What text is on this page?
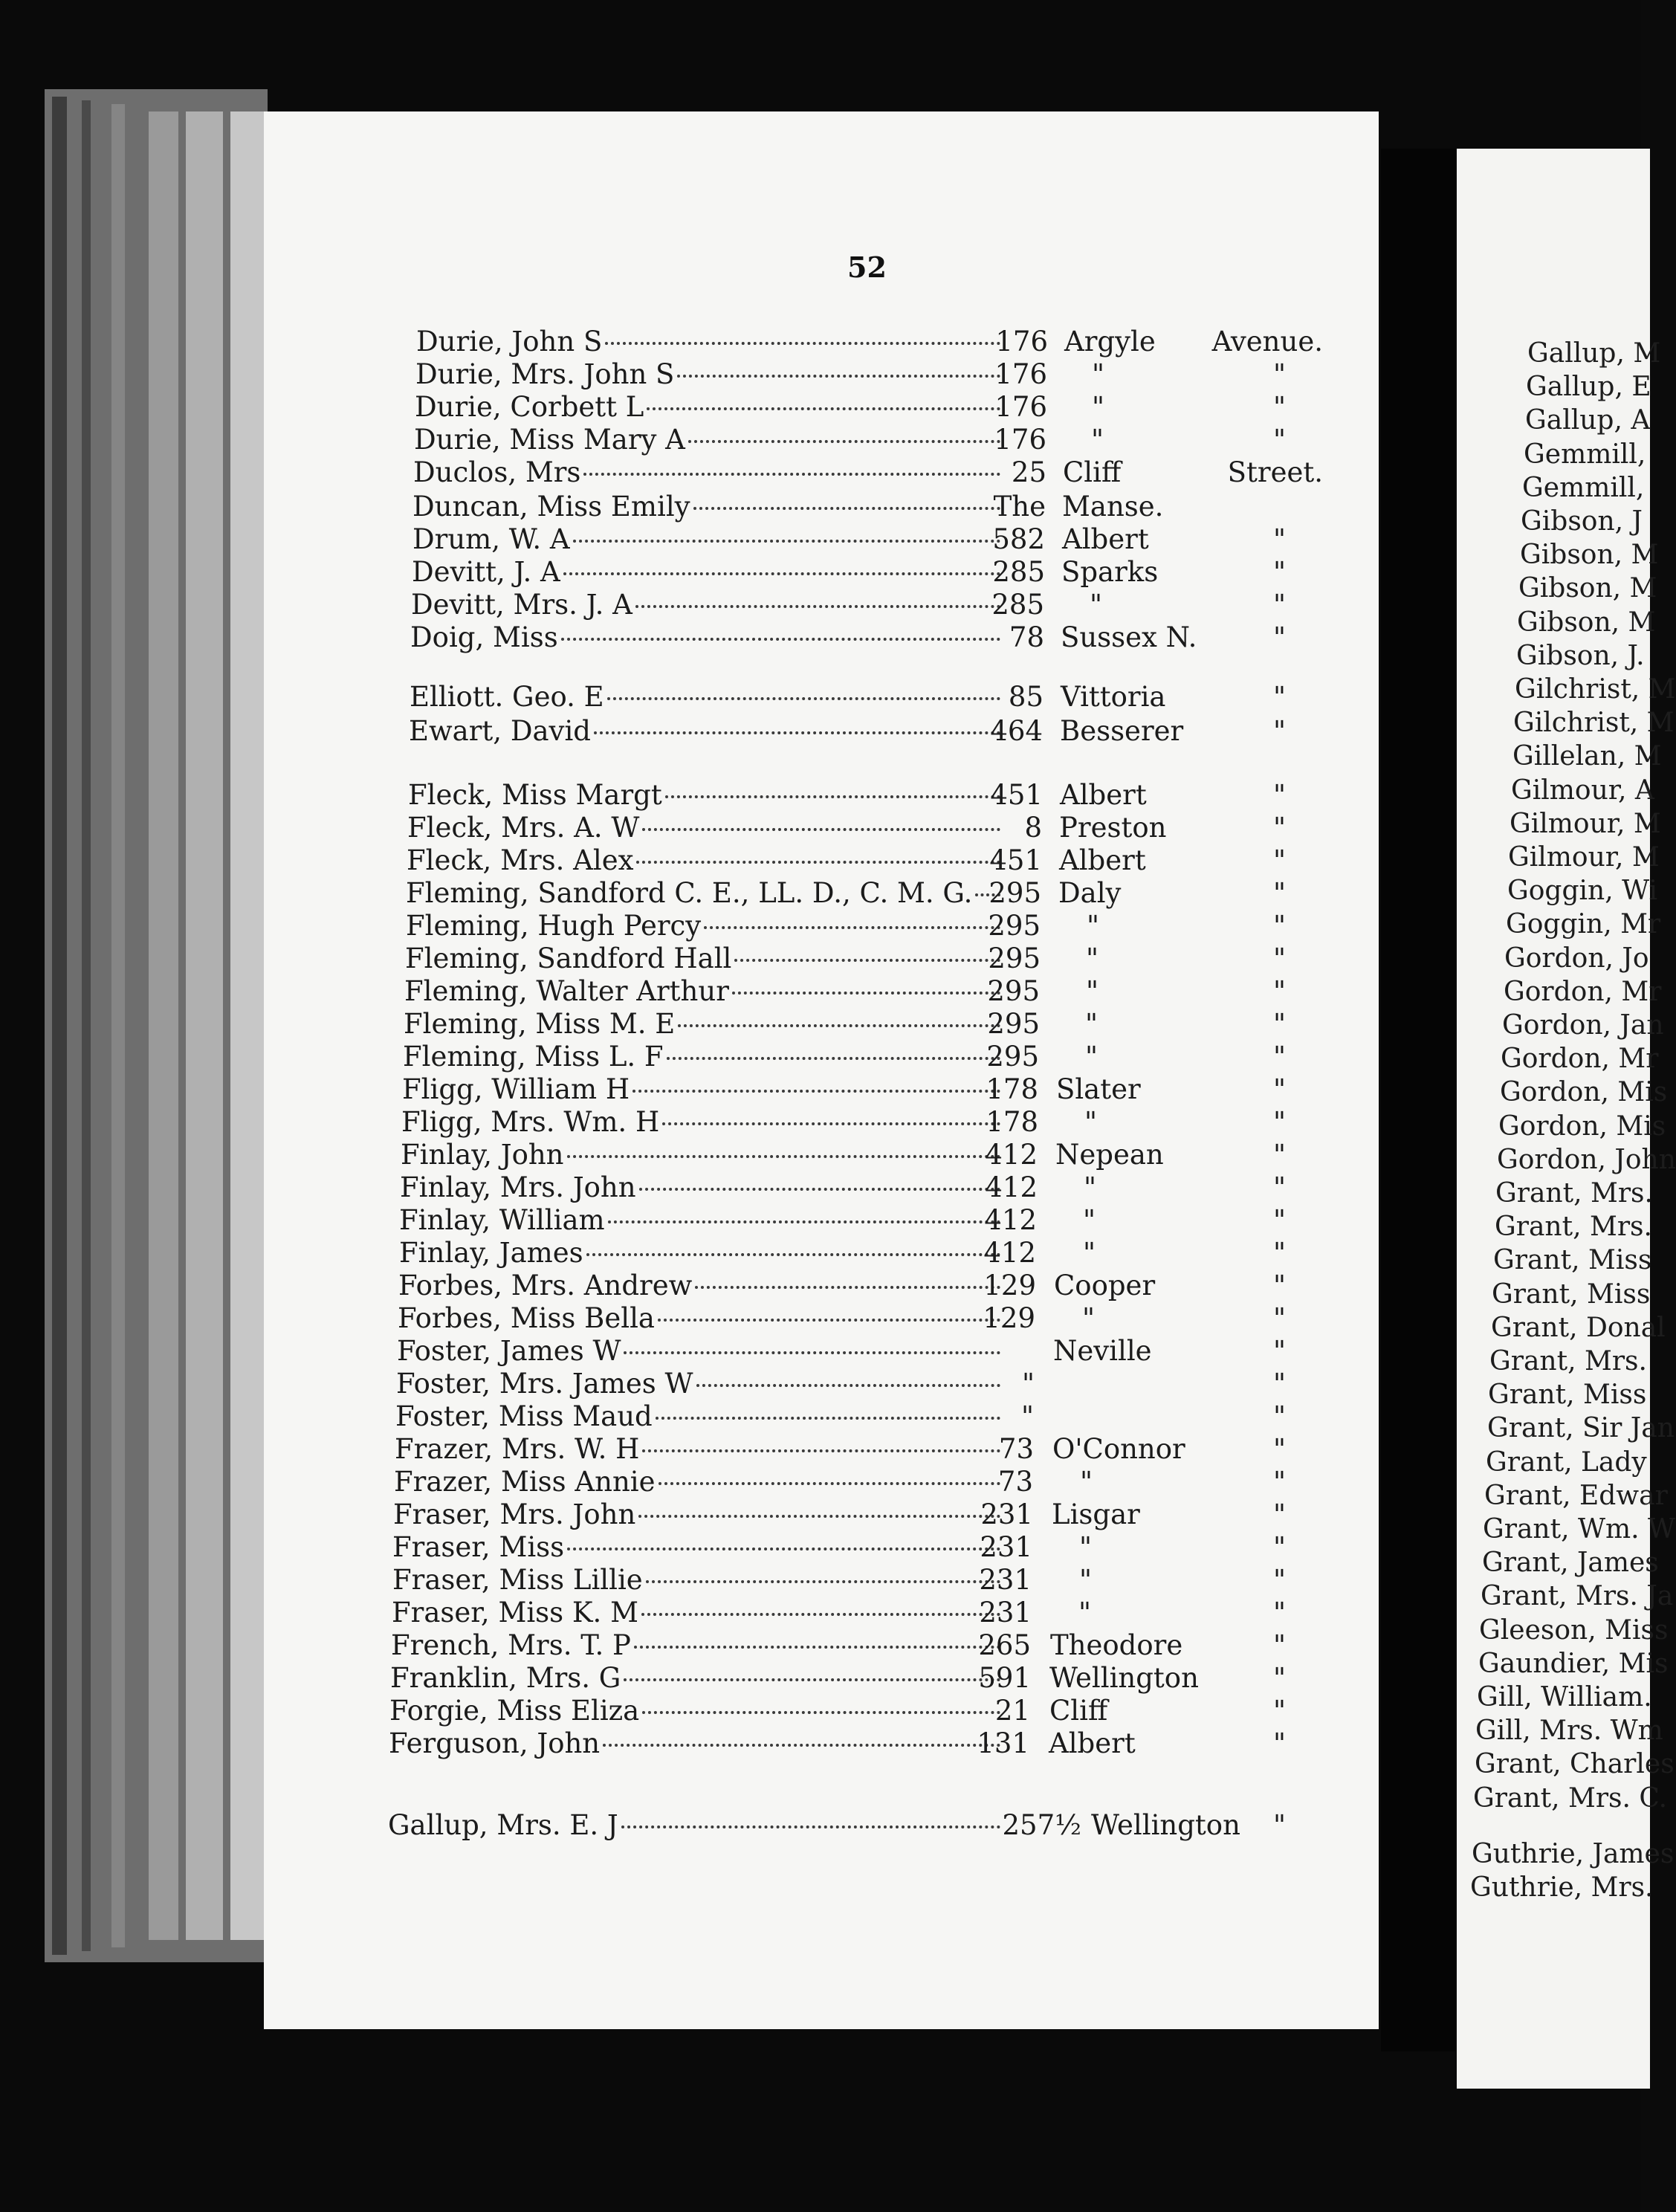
52
Durie, John S	176 Argyle Avenue.
Durie, Mrs. John S	176 "	"
Durie, Corbett L	176 "	"
Durie, Miss Mary A	176 "	"
Duclos, Mrs	25 Cliff	Street.
Duncan, Miss Emily	The Manse.
Drum, W. A	582 Albert	"
Devitt, J. A	285 Sparks	"
Devitt, Mrs. J. A	285 "	"
Doig, Miss	78 Sussex N.	"
Elliott. Geo. E	85 Vittoria	"
Ewart, David	464 Besserer	"
Fleck, Miss Margt	451 Albert	"
Fleck, Mrs. A. W	8 Preston	"
Fleck, Mrs. Alex	451 Albert	"
Fleming, Sandford C. E., LL. D., C. M. G. 295 Daly	"
Fleming, Hugh Percy	295 "	"
Fleming, Sandford Hall	295 "	"
Fleming, Walter Arthur	295 "	"
Fleming, Miss M. E	295 "	"
Fleming, Miss L. F	295 "	"
Fligg, William H	178 Slater	"
Fligg, Mrs. Wm. H	178 "	"
Finlay, John	412 Nepean	"
Finlay, Mrs. John	412 "	"
Finlay, William	412 "	"
Finlay, James	412 "	"
Forbes, Mrs. Andrew	129 Cooper	"
Forbes, Miss Bella	129 "	"
Foster, James W	Neville	"
Foster, Mrs. James W	"	"
Foster, Miss Maud	"	"
Frazer, Mrs. W. H	73 O'Connor	"
Frazer, Miss Annie	73 "	"
Fraser, Mrs. John	231 Lisgar	"
Fraser, Miss	231 "	"
Fraser, Miss Lillie	231 "	"
Fraser, Miss K. M	231 "	"
French, Mrs. T. P	265 Theodore	"
Franklin, Mrs. G	591 Wellington	"
Forgie, Miss Eliza	21 Cliff	"
Ferguson, John	131 Albert	"
Gallup, Mrs. E. J	257½ Wellington	"
Gallup, M
Gallup, E
Gallup, A
Gemmill,
Gemmill,
Gibson, J
Gibson, M
Gibson, M
Gibson, M
Gibson, J.
Gilchrist, M
Gilchrist, M
Gillelan, M
Gilmour, A
Gilmour, M
Gilmour, M
Goggin, Wi
Goggin, Mr
Gordon, Jo
Gordon, Mr
Gordon, Jan
Gordon, Mr
Gordon, Mis
Gordon, Mis
Gordon, John
Grant, Mrs.
Grant, Mrs.
Grant, Miss
Grant, Miss
Grant, Donal
Grant, Mrs.
Grant, Miss
Grant, Sir Jan
Grant, Lady
Grant, Edwar
Grant, Wm. W
Grant, James
Grant, Mrs. Ja
Gleeson, Miss
Gaundier, Mis
Gill, William.
Gill, Mrs. Wm
Grant, Charles
Grant, Mrs. C.
Guthrie, James
Guthrie, Mrs.
